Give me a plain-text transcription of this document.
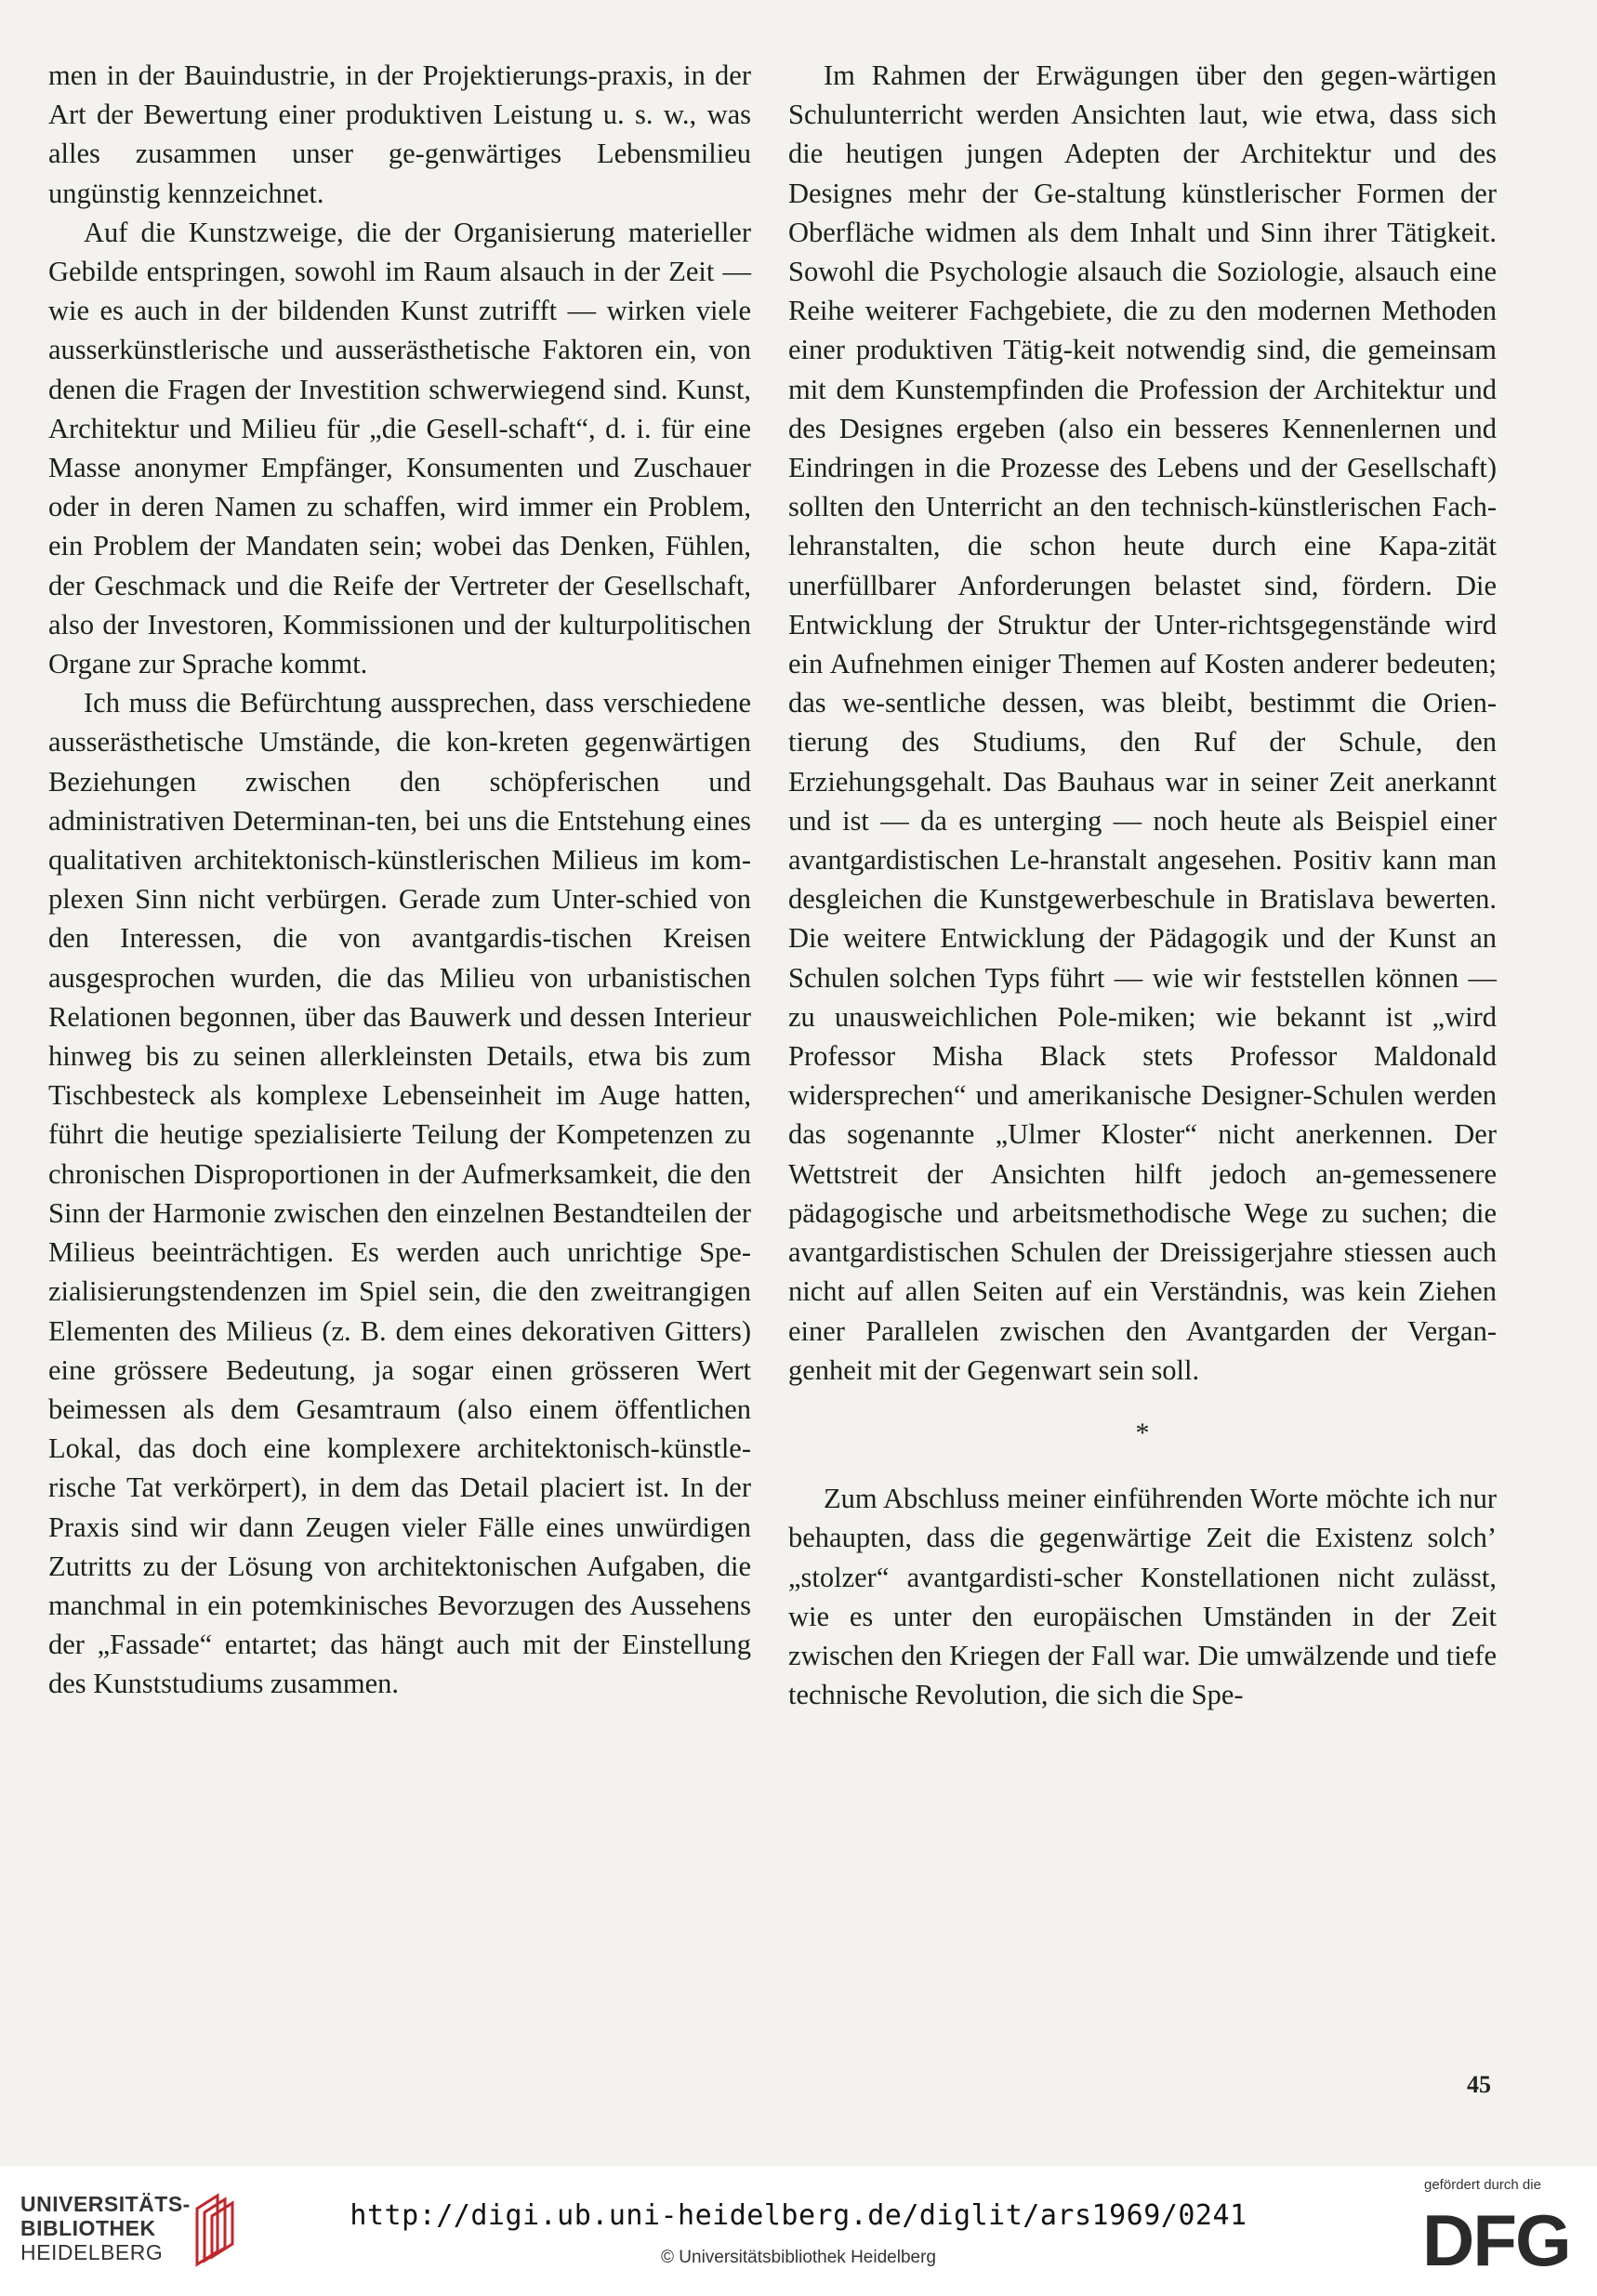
men in der Bauindustrie, in der Projektierungs-praxis, in der Art der Bewertung einer produktiven Leistung u. s. w., was alles zusammen unser ge-genwärtiges Lebensmilieu ungünstig kennzeichnet.

Auf die Kunstzweige, die der Organisierung materieller Gebilde entspringen, sowohl im Raum alsauch in der Zeit — wie es auch in der bildenden Kunst zutrifft — wirken viele ausserkünstlerische und ausserästhetische Faktoren ein, von denen die Fragen der Investition schwerwiegend sind. Kunst, Architektur und Milieu für „die Gesell-schaft“, d. i. für eine Masse anonymer Empfänger, Konsumenten und Zuschauer oder in deren Namen zu schaffen, wird immer ein Problem, ein Problem der Mandaten sein; wobei das Denken, Fühlen, der Geschmack und die Reife der Vertreter der Gesellschaft, also der Investoren, Kommissionen und der kulturpolitischen Organe zur Sprache kommt.

Ich muss die Befürchtung aussprechen, dass verschiedene ausserästhetische Umstände, die kon-kreten gegenwärtigen Beziehungen zwischen den schöpferischen und administrativen Determinan-ten, bei uns die Entstehung eines qualitativen architektonisch-künstlerischen Milieus im kom-plexen Sinn nicht verbürgen. Gerade zum Unter-schied von den Interessen, die von avantgardis-tischen Kreisen ausgesprochen wurden, die das Milieu von urbanistischen Relationen begonnen, über das Bauwerk und dessen Interieur hinweg bis zu seinen allerkleinsten Details, etwa bis zum Tischbesteck als komplexe Lebenseinheit im Auge hatten, führt die heutige spezialisierte Teilung der Kompetenzen zu chronischen Disproportionen in der Aufmerksamkeit, die den Sinn der Harmonie zwischen den einzelnen Bestandteilen der Milieus beeinträchtigen. Es werden auch unrichtige Spe-zialisierungstendenzen im Spiel sein, die den zweitrangigen Elementen des Milieus (z. B. dem eines dekorativen Gitters) eine grössere Bedeutung, ja sogar einen grösseren Wert beimessen als dem Gesamtraum (also einem öffentlichen Lokal, das doch eine komplexere architektonisch-künstle-rische Tat verkörpert), in dem das Detail placiert ist. In der Praxis sind wir dann Zeugen vieler Fälle eines unwürdigen Zutritts zu der Lösung von architektonischen Aufgaben, die manchmal in ein potemkinisches Bevorzugen des Aussehens der „Fassade“ entartet; das hängt auch mit der Einstellung des Kunststudiums zusammen.

Im Rahmen der Erwägungen über den gegen-wärtigen Schulunterricht werden Ansichten laut, wie etwa, dass sich die heutigen jungen Adepten der Architektur und des Designes mehr der Ge-staltung künstlerischer Formen der Oberfläche widmen als dem Inhalt und Sinn ihrer Tätigkeit. Sowohl die Psychologie alsauch die Soziologie, alsauch eine Reihe weiterer Fachgebiete, die zu den modernen Methoden einer produktiven Tätig-keit notwendig sind, die gemeinsam mit dem Kunstempfinden die Profession der Architektur und des Designes ergeben (also ein besseres Kennenlernen und Eindringen in die Prozesse des Lebens und der Gesellschaft) sollten den Unterricht an den technisch-künstlerischen Fach-lehranstalten, die schon heute durch eine Kapa-zität unerfüllbarer Anforderungen belastet sind, fördern. Die Entwicklung der Struktur der Unter-richtsgegenstände wird ein Aufnehmen einiger Themen auf Kosten anderer bedeuten; das we-sentliche dessen, was bleibt, bestimmt die Orien-tierung des Studiums, den Ruf der Schule, den Erziehungsgehalt. Das Bauhaus war in seiner Zeit anerkannt und ist — da es unterging — noch heute als Beispiel einer avantgardistischen Le-hranstalt angesehen. Positiv kann man desgleichen die Kunstgewerbeschule in Bratislava bewerten. Die weitere Entwicklung der Pädagogik und der Kunst an Schulen solchen Typs führt — wie wir feststellen können — zu unausweichlichen Pole-miken; wie bekannt ist „wird Professor Misha Black stets Professor Maldonald widersprechen“ und amerikanische Designer-Schulen werden das sogenannte „Ulmer Kloster“ nicht anerkennen. Der Wettstreit der Ansichten hilft jedoch an-gemessenere pädagogische und arbeitsmethodische Wege zu suchen; die avantgardistischen Schulen der Dreissigerjahre stiessen auch nicht auf allen Seiten auf ein Verständnis, was kein Ziehen einer Parallelen zwischen den Avantgarden der Vergan-genheit mit der Gegenwart sein soll.

*

Zum Abschluss meiner einführenden Worte möchte ich nur behaupten, dass die gegenwärtige Zeit die Existenz solch’ „stolzer“ avantgardisti-scher Konstellationen nicht zulässt, wie es unter den europäischen Umständen in der Zeit zwischen den Kriegen der Fall war. Die umwälzende und tiefe technische Revolution, die sich die Spe-

45
UNIVERSITÄTS-
BIBLIOTHEK
HEIDELBERG
http://digi.ub.uni-heidelberg.de/diglit/ars1969/0241
© Universitätsbibliothek Heidelberg
gefördert durch die
DFG
